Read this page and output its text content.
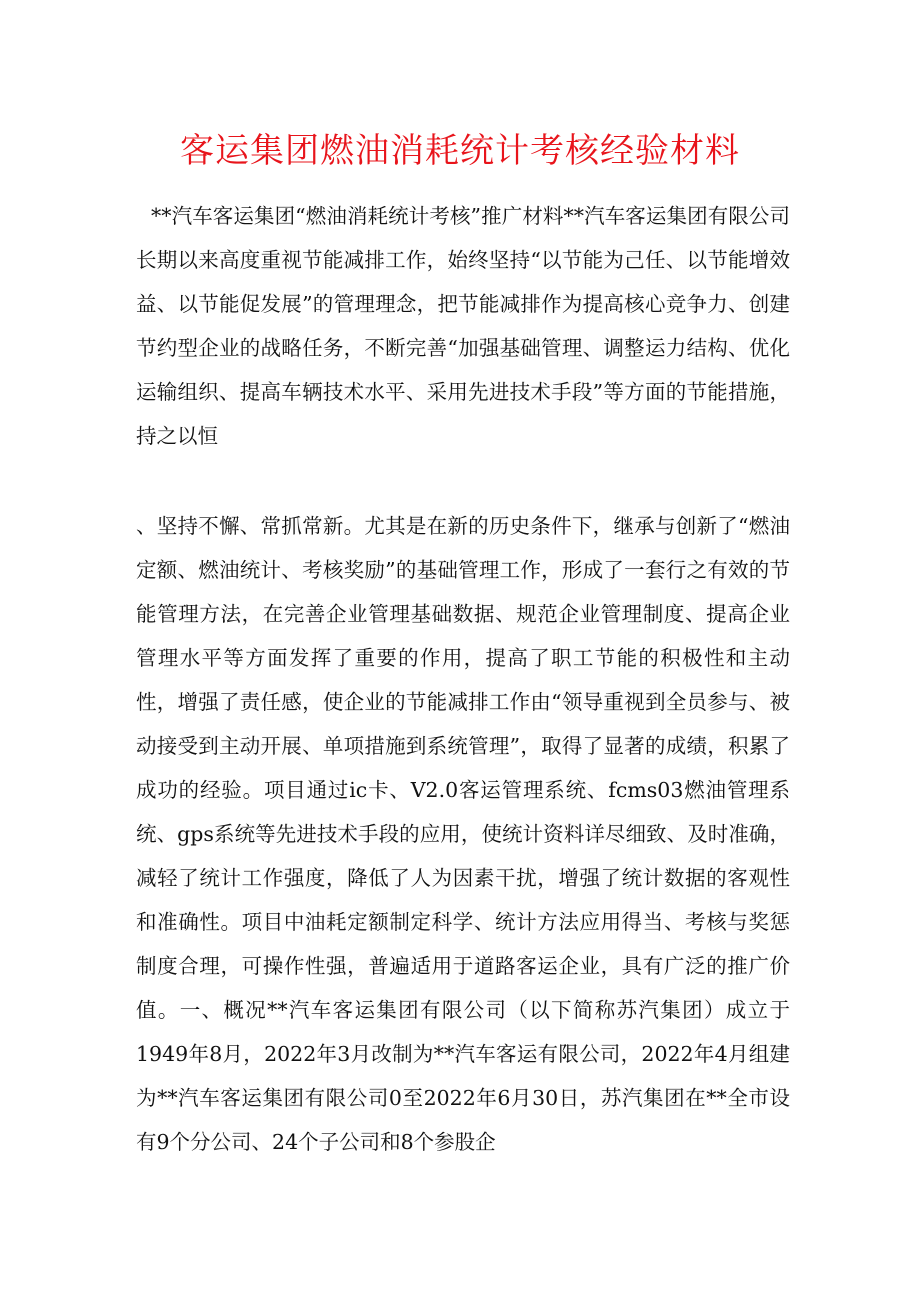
客运集团燃油消耗统计考核经验材料

**汽车客运集团“燃油消耗统计考核”推广材料**汽车客运集团有限公司长期以来高度重视节能减排工作，始终坚持“以节能为己任、以节能增效益、以节能促发展”的管理理念，把节能减排作为提高核心竞争力、创建节约型企业的战略任务，不断完善“加强基础管理、调整运力结构、优化运输组织、提高车辆技术水平、采用先进技术手段”等方面的节能措施，持之以恒

、坚持不懈、常抓常新。尤其是在新的历史条件下，继承与创新了“燃油定额、燃油统计、考核奖励”的基础管理工作，形成了一套行之有效的节能管理方法，在完善企业管理基础数据、规范企业管理制度、提高企业管理水平等方面发挥了重要的作用，提高了职工节能的积极性和主动性，增强了责任感，使企业的节能减排工作由“领导重视到全员参与、被动接受到主动开展、单项措施到系统管理”，取得了显著的成绩，积累了成功的经验。项目通过ic卡、V2.0客运管理系统、fcms03燃油管理系统、gps系统等先进技术手段的应用，使统计资料详尽细致、及时准确，减轻了统计工作强度，降低了人为因素干扰，增强了统计数据的客观性和准确性。项目中油耗定额制定科学、统计方法应用得当、考核与奖惩制度合理，可操作性强，普遍适用于道路客运企业，具有广泛的推广价值。一、概况**汽车客运集团有限公司（以下简称苏汽集团）成立于1949年8月，2022年3月改制为**汽车客运有限公司，2022年4月组建为**汽车客运集团有限公司0至2022年6月30日，苏汽集团在**全市设有9个分公司、24个子公司和8个参股企
